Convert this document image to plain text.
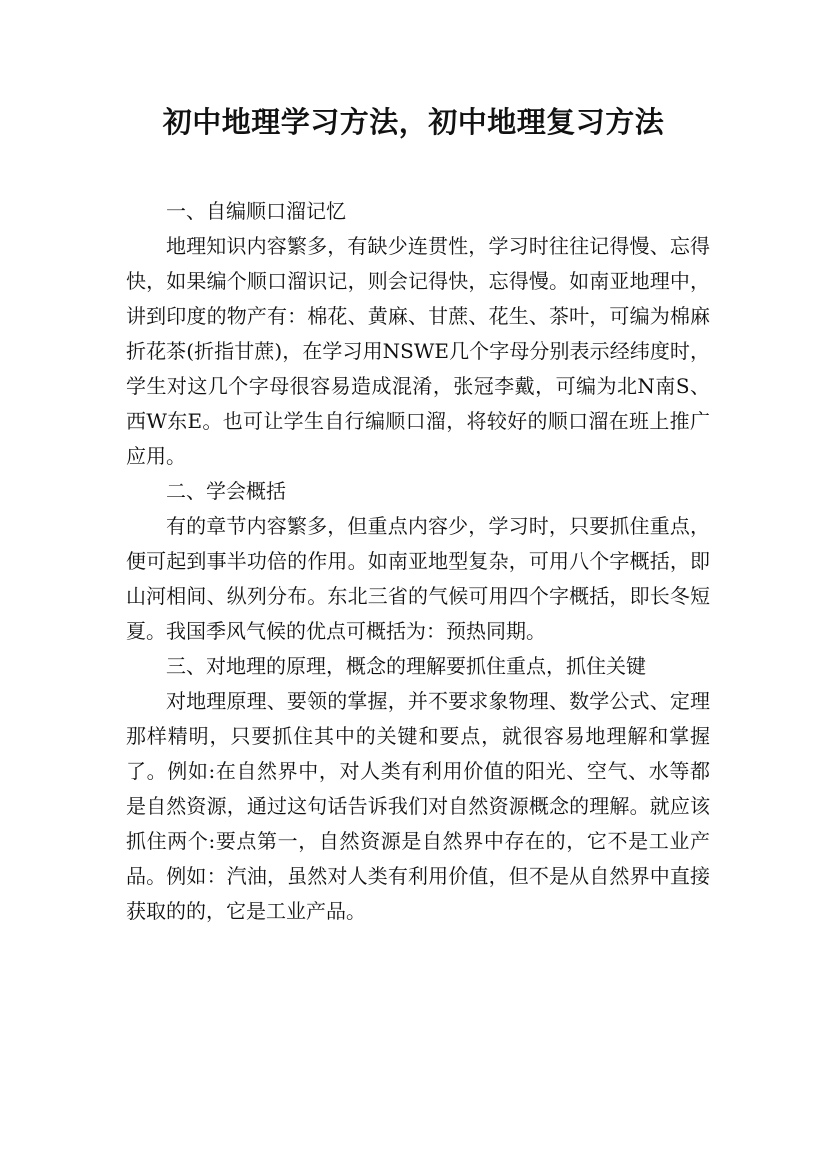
初中地理学习方法，初中地理复习方法

一、自编顺口溜记忆

地理知识内容繁多，有缺少连贯性，学习时往往记得慢、忘得快，如果编个顺口溜识记，则会记得快，忘得慢。如南亚地理中，讲到印度的物产有：棉花、黄麻、甘蔗、花生、茶叶，可编为棉麻折花茶(折指甘蔗)，在学习用NSWE几个字母分别表示经纬度时，学生对这几个字母很容易造成混淆，张冠李戴，可编为北N南S、西W东E。也可让学生自行编顺口溜，将较好的顺口溜在班上推广应用。

二、学会概括

有的章节内容繁多，但重点内容少，学习时，只要抓住重点，便可起到事半功倍的作用。如南亚地型复杂，可用八个字概括，即山河相间、纵列分布。东北三省的气候可用四个字概括，即长冬短夏。我国季风气候的优点可概括为：预热同期。

三、对地理的原理，概念的理解要抓住重点，抓住关键

对地理原理、要领的掌握，并不要求象物理、数学公式、定理那样精明，只要抓住其中的关键和要点，就很容易地理解和掌握了。例如:在自然界中，对人类有利用价值的阳光、空气、水等都是自然资源，通过这句话告诉我们对自然资源概念的理解。就应该抓住两个:要点第一，自然资源是自然界中存在的，它不是工业产品。例如：汽油，虽然对人类有利用价值，但不是从自然界中直接获取的的，它是工业产品。
